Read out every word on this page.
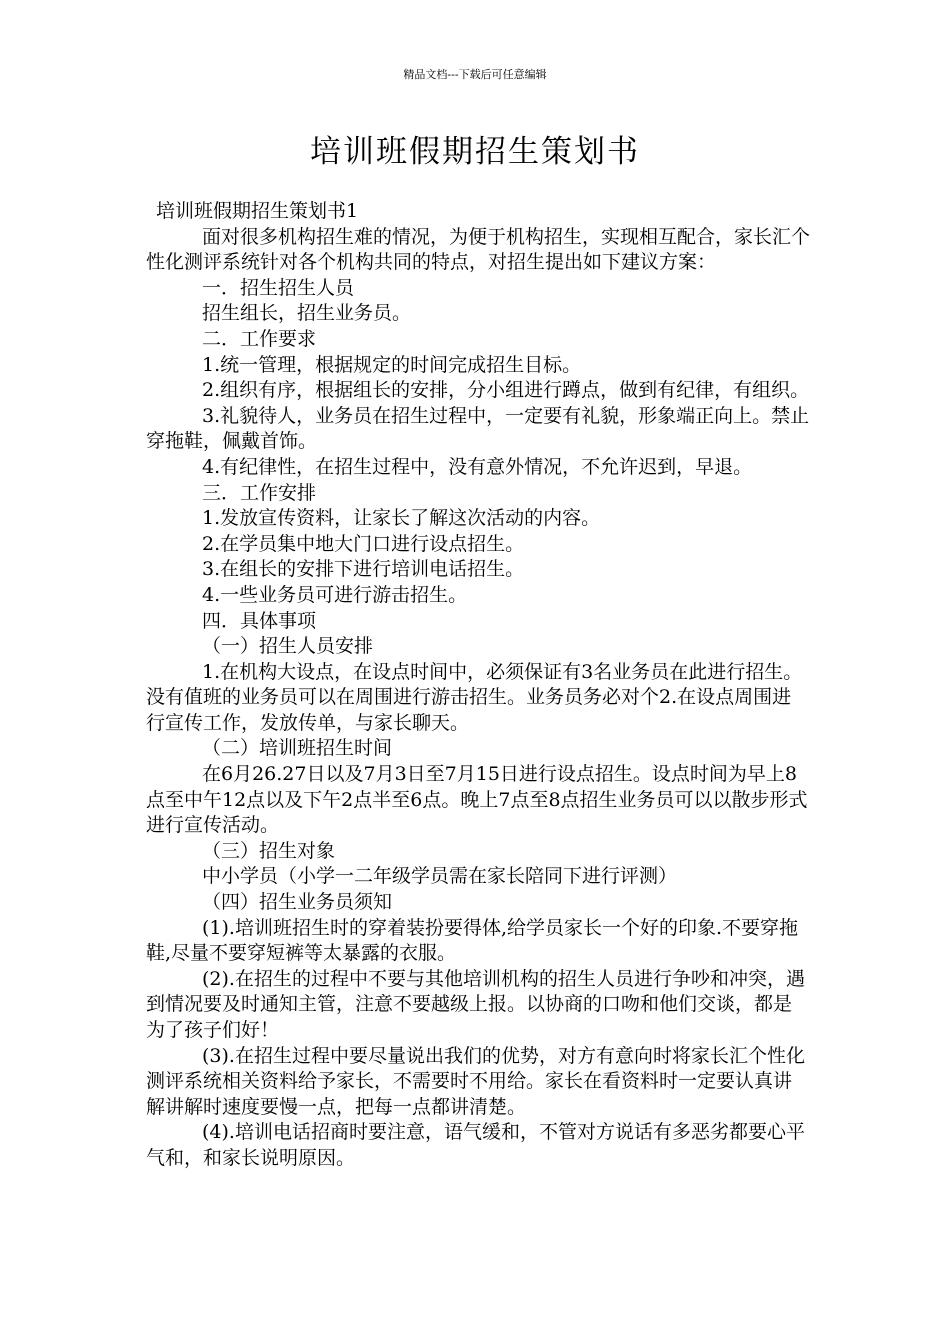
精品文档---下载后可任意编辑
培训班假期招生策划书

培训班假期招生策划书1

面对很多机构招生难的情况，为便于机构招生，实现相互配合，家长汇个性化测评系统针对各个机构共同的特点，对招生提出如下建议方案：

一．招生招生人员

招生组长，招生业务员。

二．工作要求

1.统一管理，根据规定的时间完成招生目标。

2.组织有序，根据组长的安排，分小组进行蹲点，做到有纪律，有组织。

3.礼貌待人，业务员在招生过程中，一定要有礼貌，形象端正向上。禁止穿拖鞋，佩戴首饰。

4.有纪律性，在招生过程中，没有意外情况，不允许迟到，早退。

三．工作安排

1.发放宣传资料，让家长了解这次活动的内容。

2.在学员集中地大门口进行设点招生。

3.在组长的安排下进行培训电话招生。

4.一些业务员可进行游击招生。

四．具体事项

（一）招生人员安排

1.在机构大设点，在设点时间中，必须保证有3名业务员在此进行招生。没有值班的业务员可以在周围进行游击招生。业务员务必对个2.在设点周围进行宣传工作，发放传单，与家长聊天。

（二）培训班招生时间

在6月26.27日以及7月3日至7月15日进行设点招生。设点时间为早上8点至中午12点以及下午2点半至6点。晚上7点至8点招生业务员可以以散步形式进行宣传活动。

（三）招生对象

中小学员（小学一二年级学员需在家长陪同下进行评测）

（四）招生业务员须知

(1).培训班招生时的穿着装扮要得体,给学员家长一个好的印象.不要穿拖鞋,尽量不要穿短裤等太暴露的衣服。

(2).在招生的过程中不要与其他培训机构的招生人员进行争吵和冲突，遇到情况要及时通知主管，注意不要越级上报。以协商的口吻和他们交谈，都是为了孩子们好！

(3).在招生过程中要尽量说出我们的优势，对方有意向时将家长汇个性化测评系统相关资料给予家长，不需要时不用给。家长在看资料时一定要认真讲解讲解时速度要慢一点，把每一点都讲清楚。

(4).培训电话招商时要注意，语气缓和，不管对方说话有多恶劣都要心平气和，和家长说明原因。
